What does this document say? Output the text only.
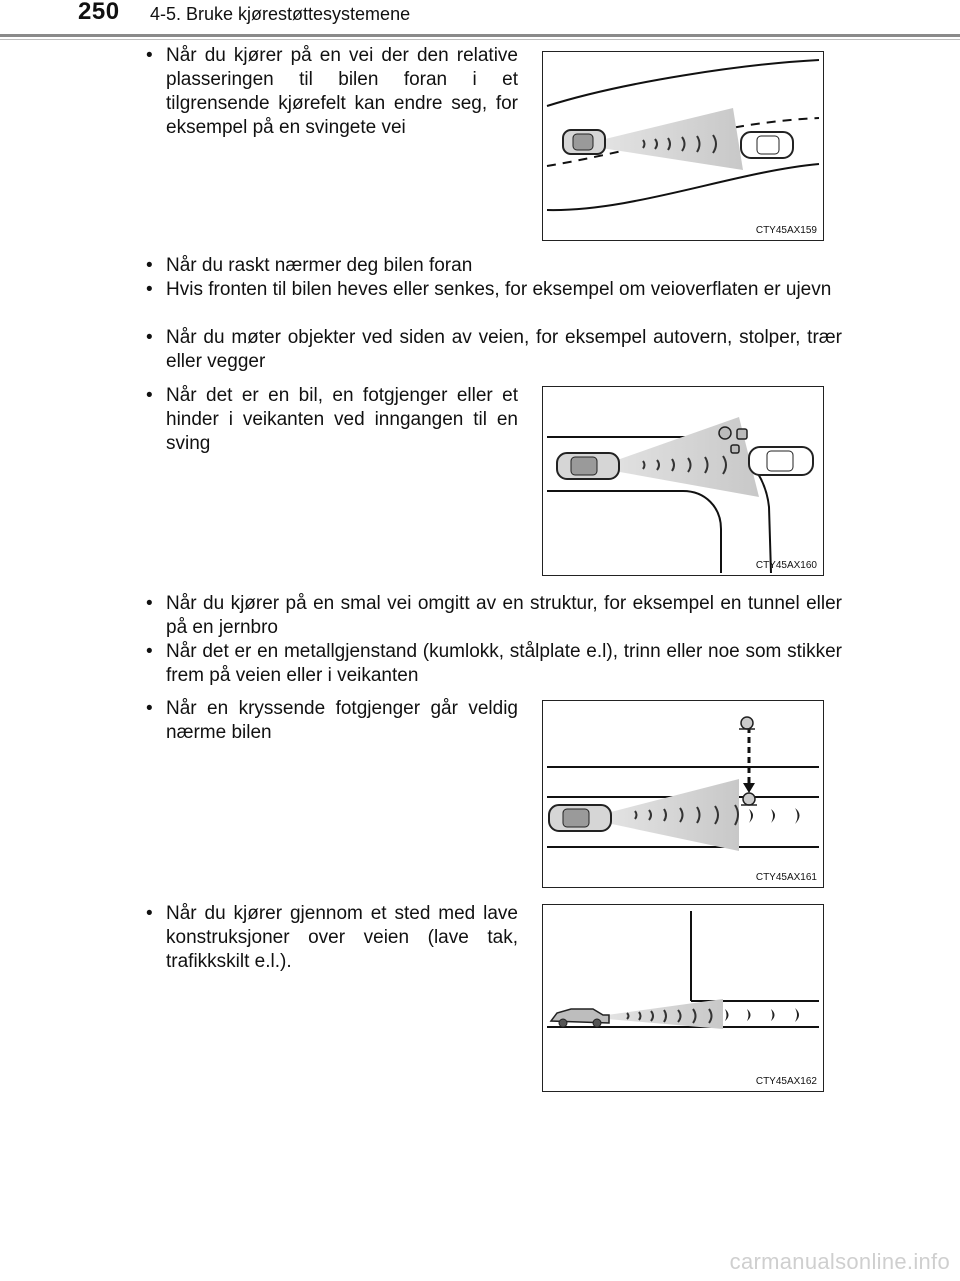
250 4-5. Bruke kjørestøttesystemene
• Når du kjører på en vei der den relative plasseringen til bilen foran i et tilgrensende kjørefelt kan endre seg, for eksempel på en svingete vei
CTY45AX159
• Når du raskt nærmer deg bilen foran
• Hvis fronten til bilen heves eller senkes, for eksempel om veioverflaten er ujevn
• Når du møter objekter ved siden av veien, for eksempel autovern, stolper, trær eller vegger
• Når det er en bil, en fotgjenger eller et hinder i veikanten ved inngangen til en sving
CTY45AX160
• Når du kjører på en smal vei omgitt av en struktur, for eksempel en tunnel eller på en jernbro
• Når det er en metallgjenstand (kumlokk, stålplate e.l), trinn eller noe som stikker frem på veien eller i veikanten
• Når en kryssende fotgjenger går veldig nærme bilen
CTY45AX161
• Når du kjører gjennom et sted med lave konstruksjoner over veien (lave tak, trafikkskilt e.l.).
CTY45AX162
carmanualsonline.info
